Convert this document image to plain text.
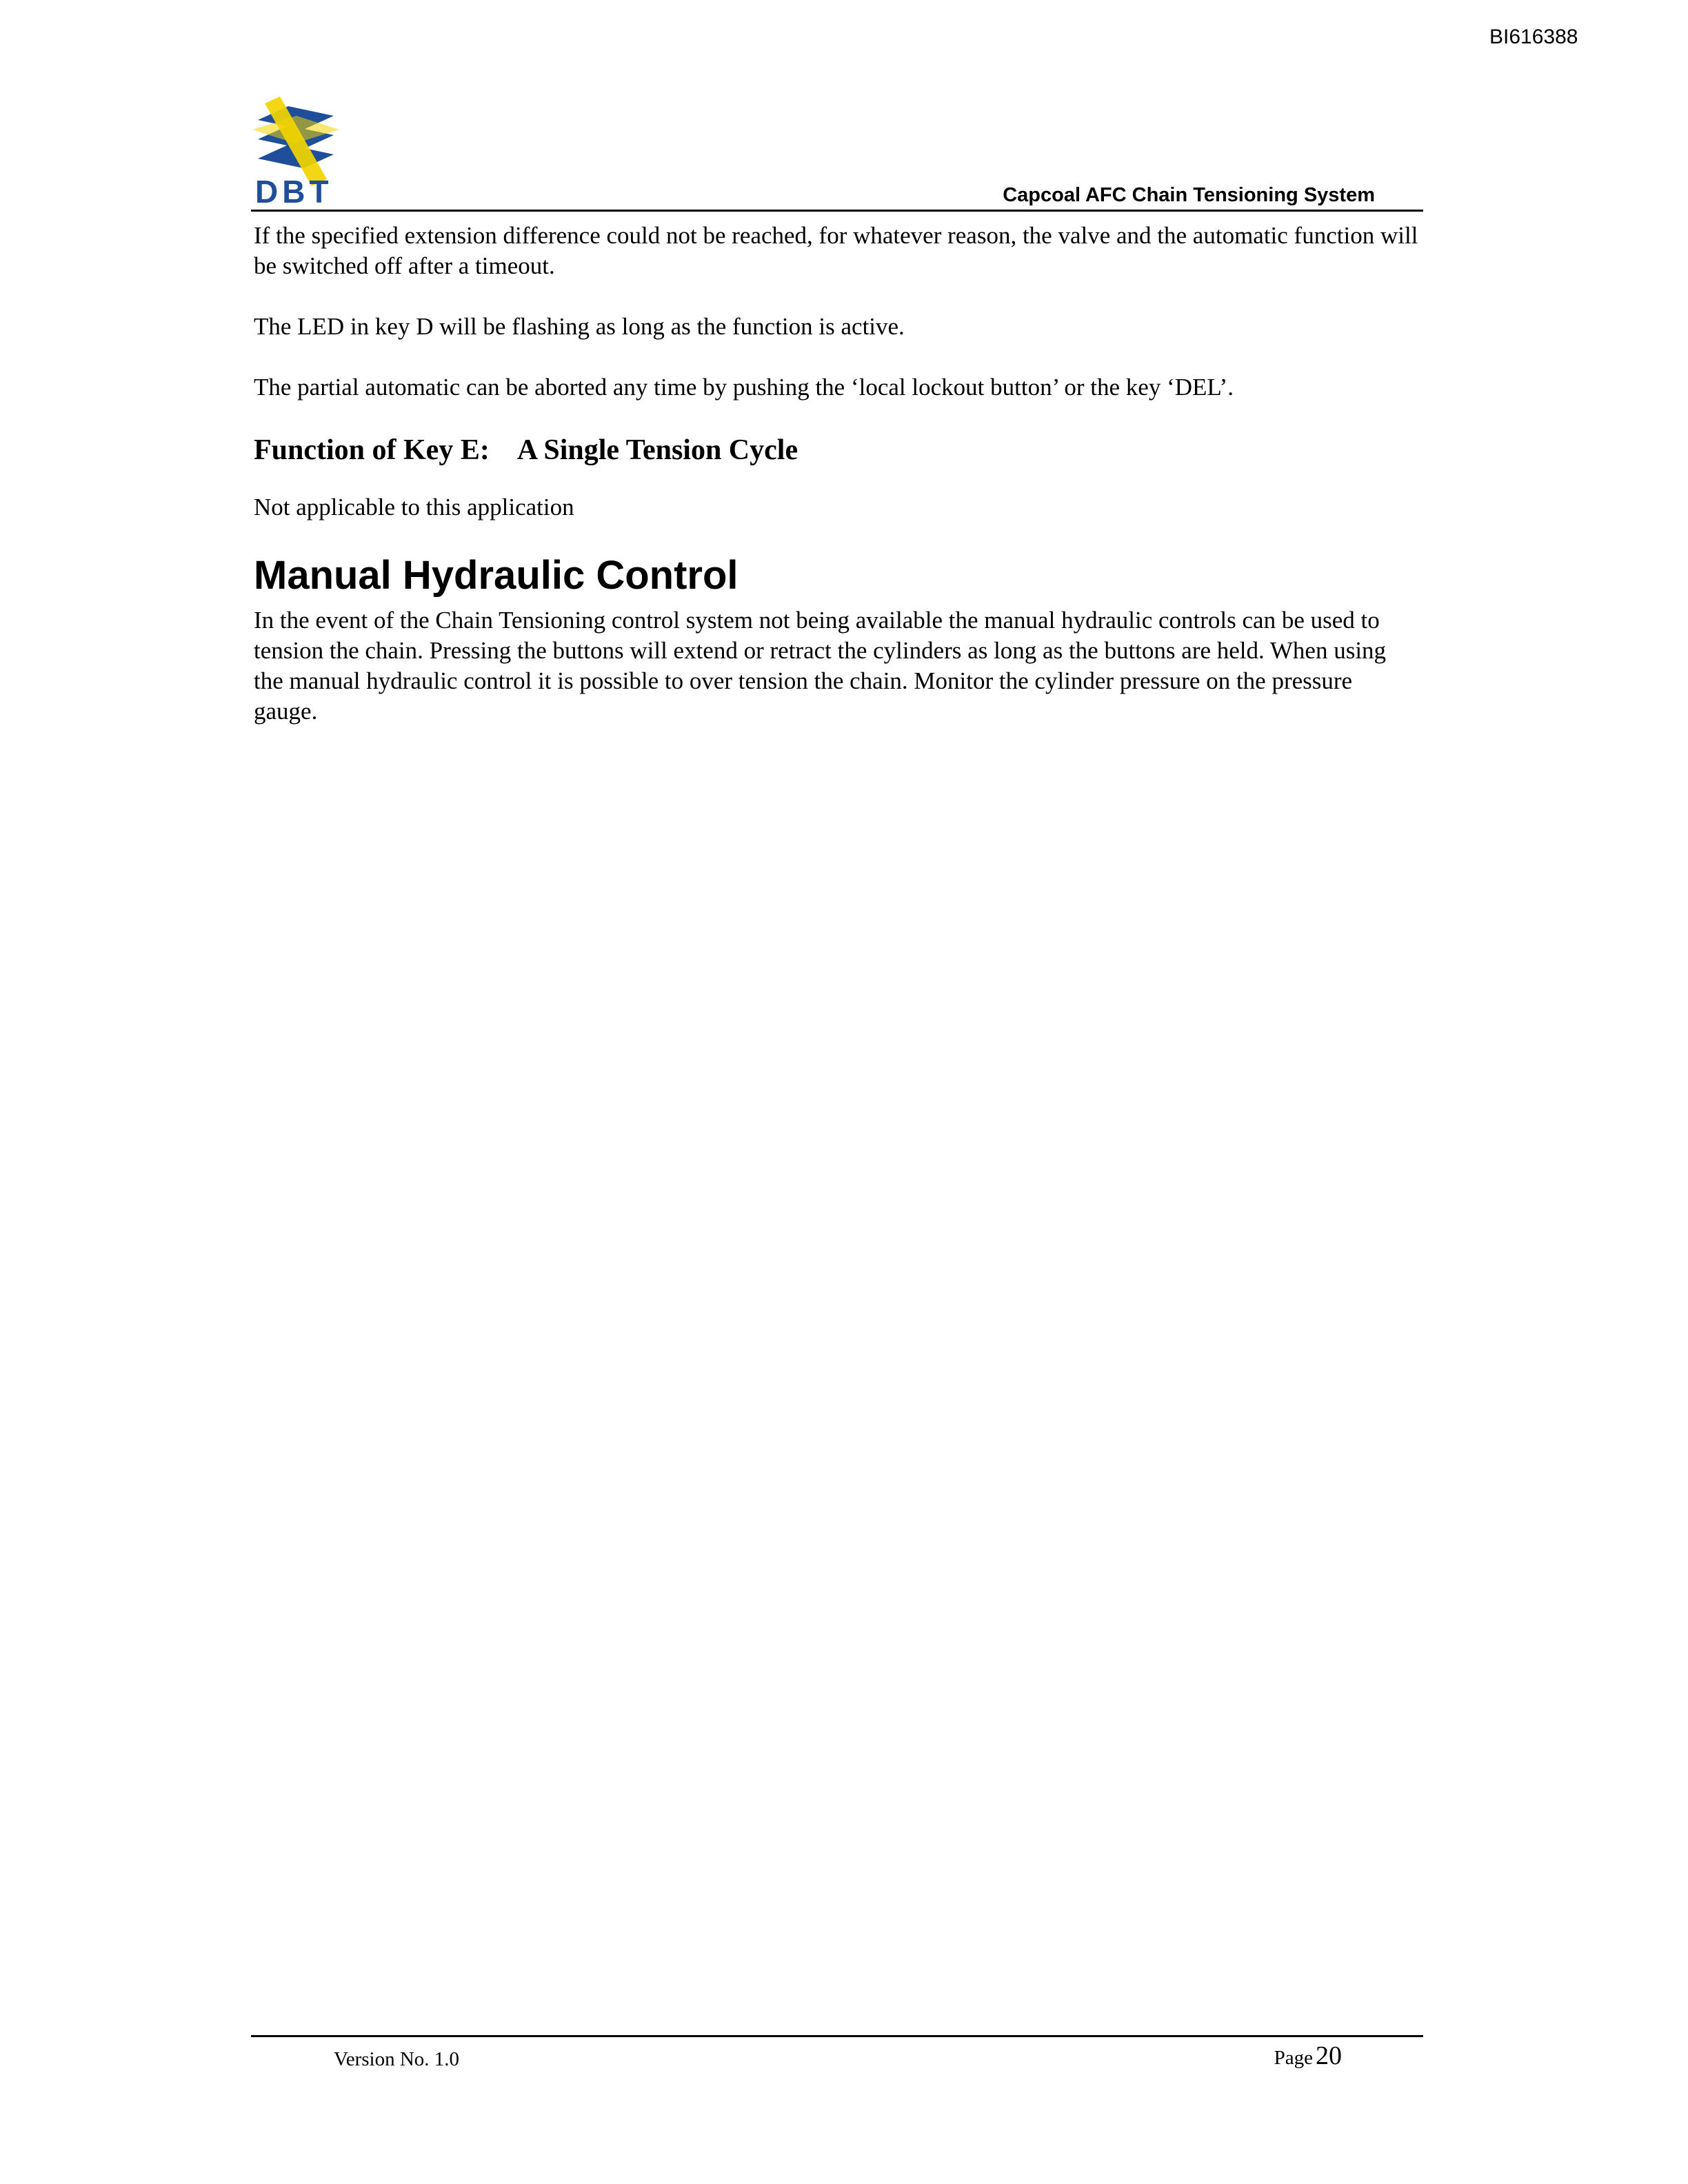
BI616388
DBT	Capcoal AFC Chain Tensioning System

If the specified extension difference could not be reached, for whatever reason, the valve and the automatic function will be switched off after a timeout.

The LED in key D will be flashing as long as the function is active.

The partial automatic can be aborted any time by pushing the ‘local lockout button’ or the key ‘DEL’.

Function of Key E: A Single Tension Cycle

Not applicable to this application

Manual Hydraulic Control

In the event of the Chain Tensioning control system not being available the manual hydraulic controls can be used to tension the chain. Pressing the buttons will extend or retract the cylinders as long as the buttons are held. When using the manual hydraulic control it is possible to over tension the chain. Monitor the cylinder pressure on the pressure gauge.

Version No. 1.0	Page 20
